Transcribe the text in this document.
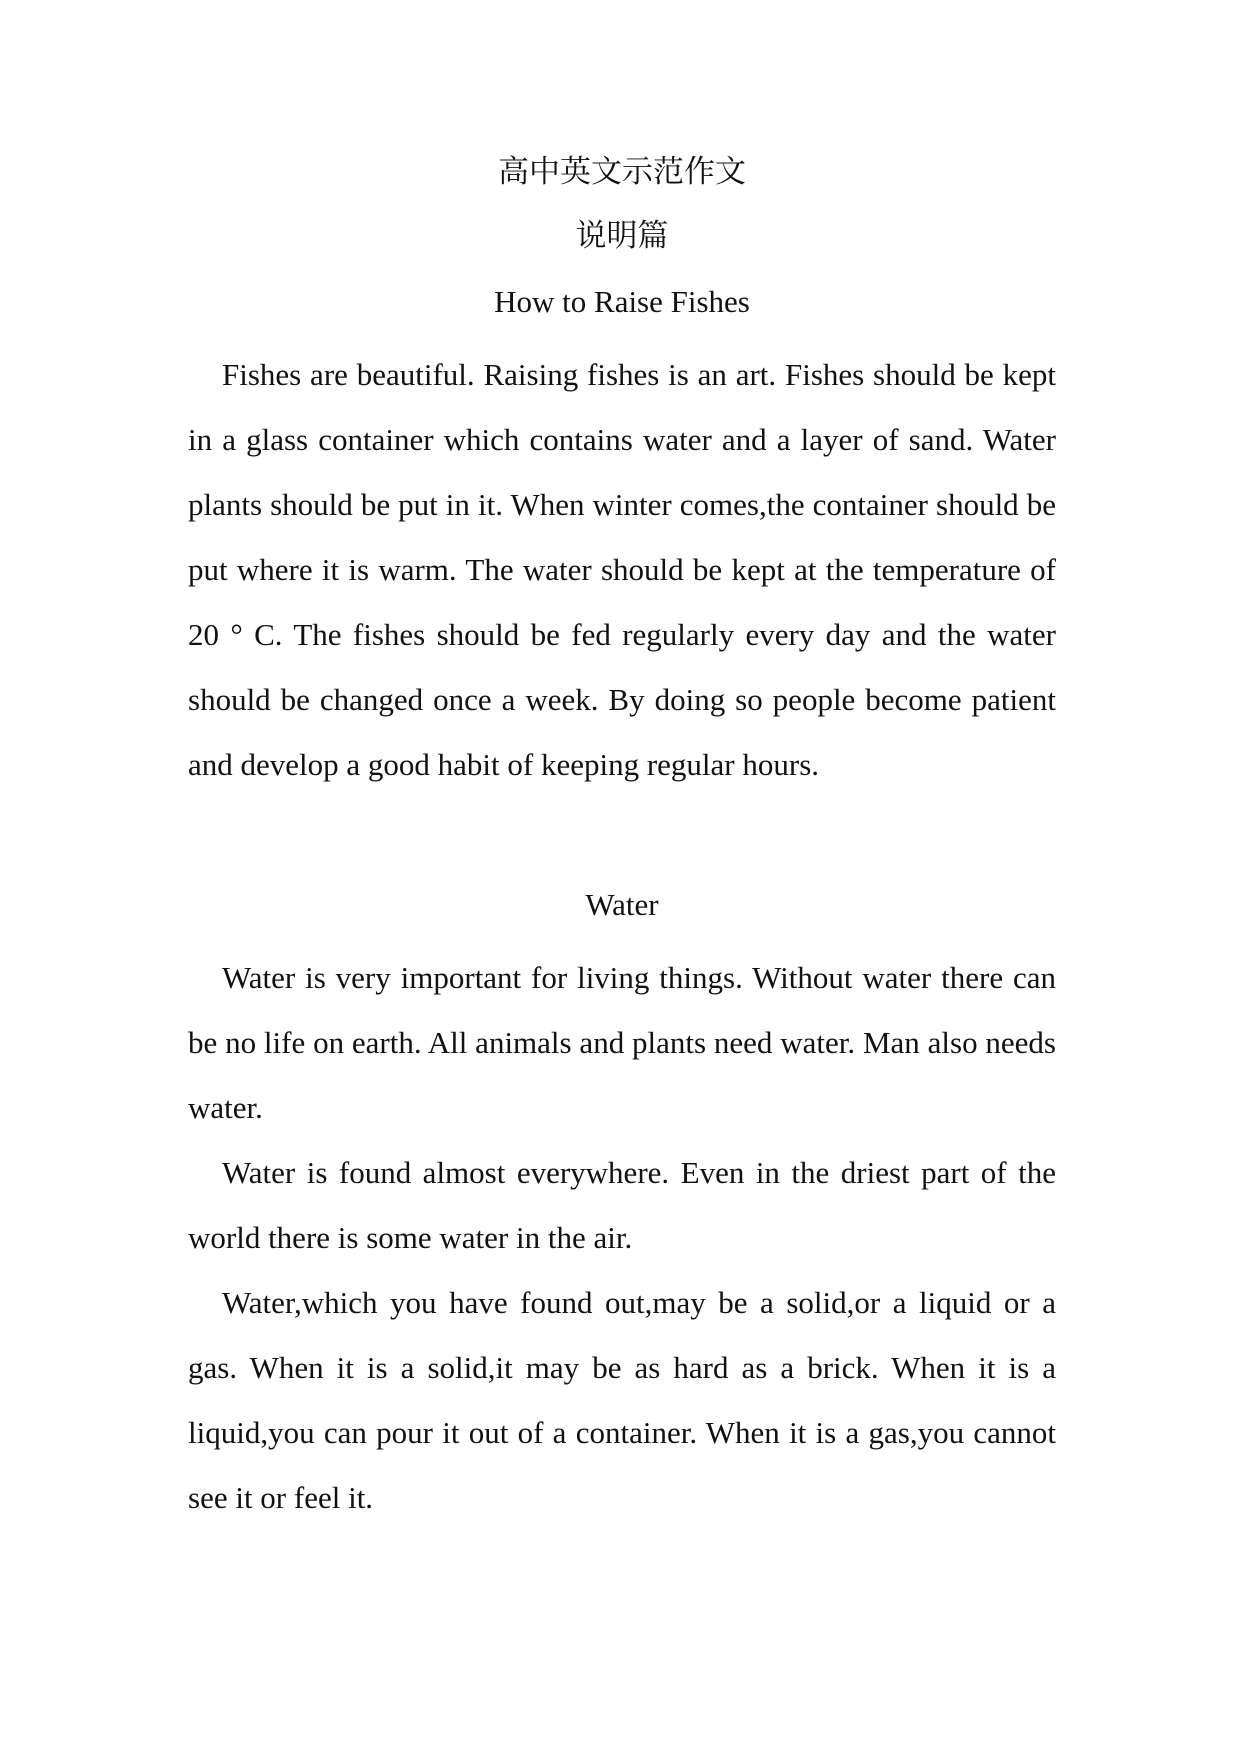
高中英文示范作文
说明篇
How to Raise Fishes

Fishes are beautiful. Raising fishes is an art. Fishes should be kept in a glass container which contains water and a layer of sand. Water plants should be put in it. When winter comes,the container should be put where it is warm. The water should be kept at the temperature of 20 ° C. The fishes should be fed regularly every day and the water should be changed once a week. By doing so people become patient and develop a good habit of keeping regular hours.

Water

Water is very important for living things. Without water there can be no life on earth. All animals and plants need water. Man also needs water.

Water is found almost everywhere. Even in the driest part of the world there is some water in the air.

Water,which you have found out,may be a solid,or a liquid or a gas. When it is a solid,it may be as hard as a brick. When it is a liquid,you can pour it out of a container. When it is a gas,you cannot see it or feel it.
